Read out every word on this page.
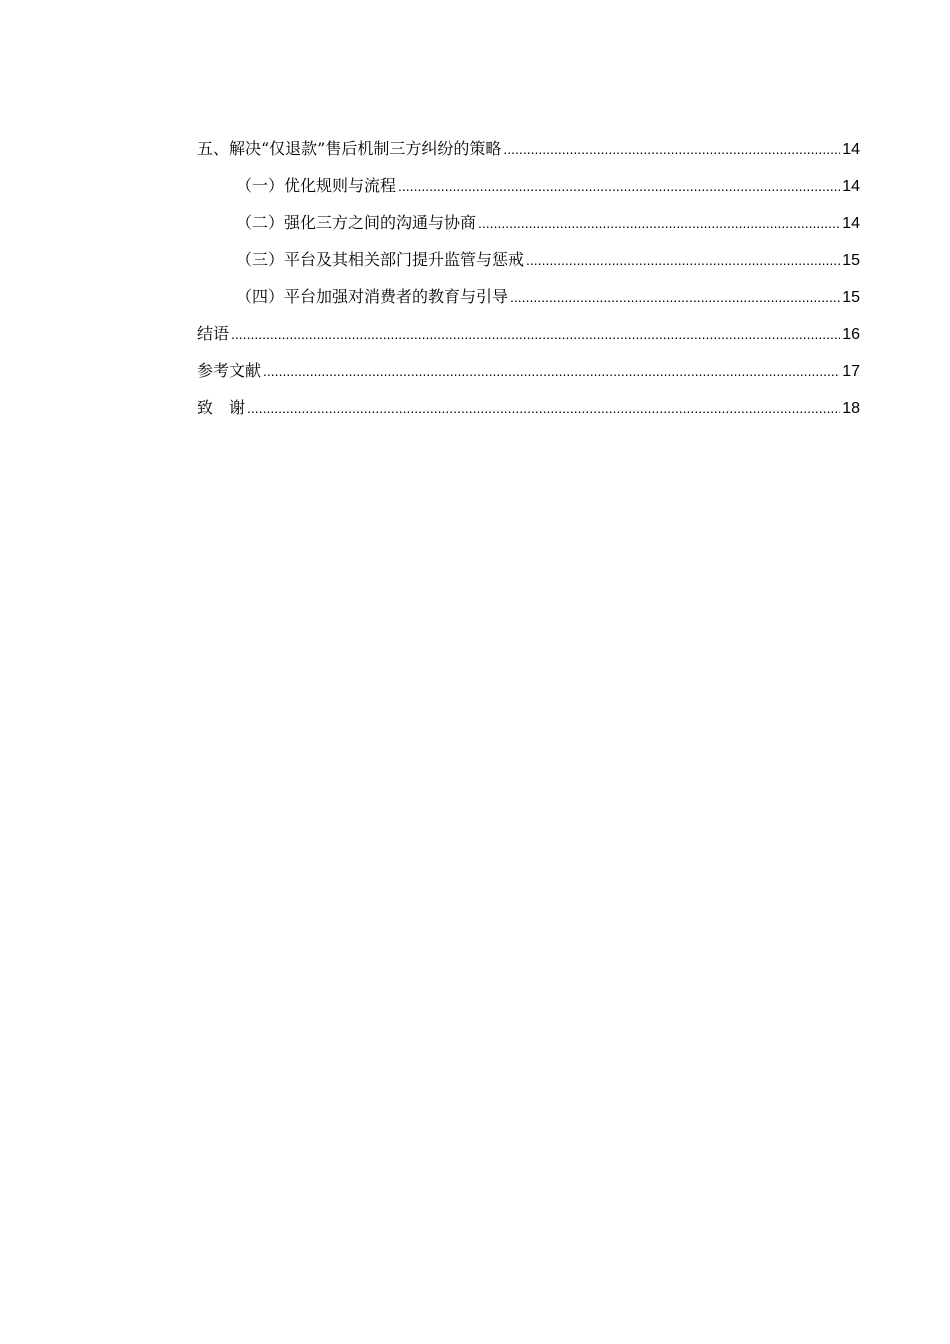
五、解决“仅退款”售后机制三方纠纷的策略 .....	14
（一）优化规则与流程 .....	14
（二）强化三方之间的沟通与协商 .....	14
（三）平台及其相关部门提升监管与惩戒 .....	15
（四）平台加强对消费者的教育与引导 .....	15
结语 .....	16
参考文献 .....	17
致　谢 .....	18
